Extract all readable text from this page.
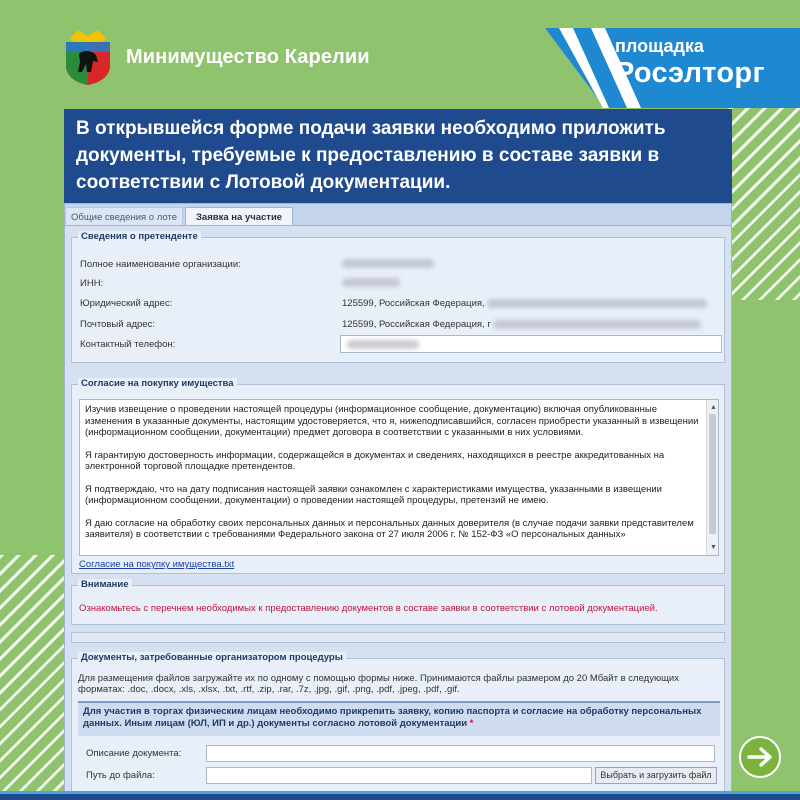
Минимущество Карелии	площадка
Росэлторг
В открывшейся форме подачи заявки необходимо приложить документы, требуемые к предоставлению в составе заявки в соответствии с Лотовой документации.
Общие сведения о лоте	Заявка на участие
Сведения о претенденте
Полное наименование организации:
ИНН:
Юридический адрес:	125599, Российская Федерация,
Почтовый адрес:	125599, Российская Федерация, г
Контактный телефон:
Согласие на покупку имущества

Изучив извещение о проведении настоящей процедуры (информационное сообщение, документацию) включая опубликованные изменения в указанные документы, настоящим удостоверяется, что я, нижеподписавшийся, согласен приобрести указанный в извещении (информационном сообщении, документации) предмет договора в соответствии с указанными в них условиями.

Я гарантирую достоверность информации, содержащейся в документах и сведениях, находящихся в реестре аккредитованных на электронной торговой площадке претендентов.

Я подтверждаю, что на дату подписания настоящей заявки ознакомлен с характеристиками имущества, указанными в извещении (информационном сообщении, документации) о проведении настоящей процедуры, претензий не имею.

Я даю согласие на обработку своих персональных данных и персональных данных доверителя (в случае подачи заявки представителем заявителя) в соответствии с требованиями Федерального закона от 27 июля 2006 г. № 152-ФЗ «О персональных данных»

▲
▼
Согласие на покупку имущества.txt
Внимание
Ознакомьтесь с перечнем необходимых к предоставлению документов в составе заявки в соответствии с лотовой документацией.
Документы, затребованные организатором процедуры
Для размещения файлов загружайте их по одному с помощью формы ниже. Принимаются файлы размером до 20 Мбайт в следующих форматах: .doc, .docx, .xls, .xlsx, .txt, .rtf, .zip, .rar, .7z, .jpg, .gif, .png, .pdf, .jpeg, .pdf, .gif.
Для участия в торгах физическим лицам необходимо прикрепить заявку, копию паспорта и согласие на обработку персональных данных. Иным лицам (ЮЛ, ИП и др.) документы согласно лотовой документации *
Описание документа:
Путь до файла:	Выбрать и загрузить файл
